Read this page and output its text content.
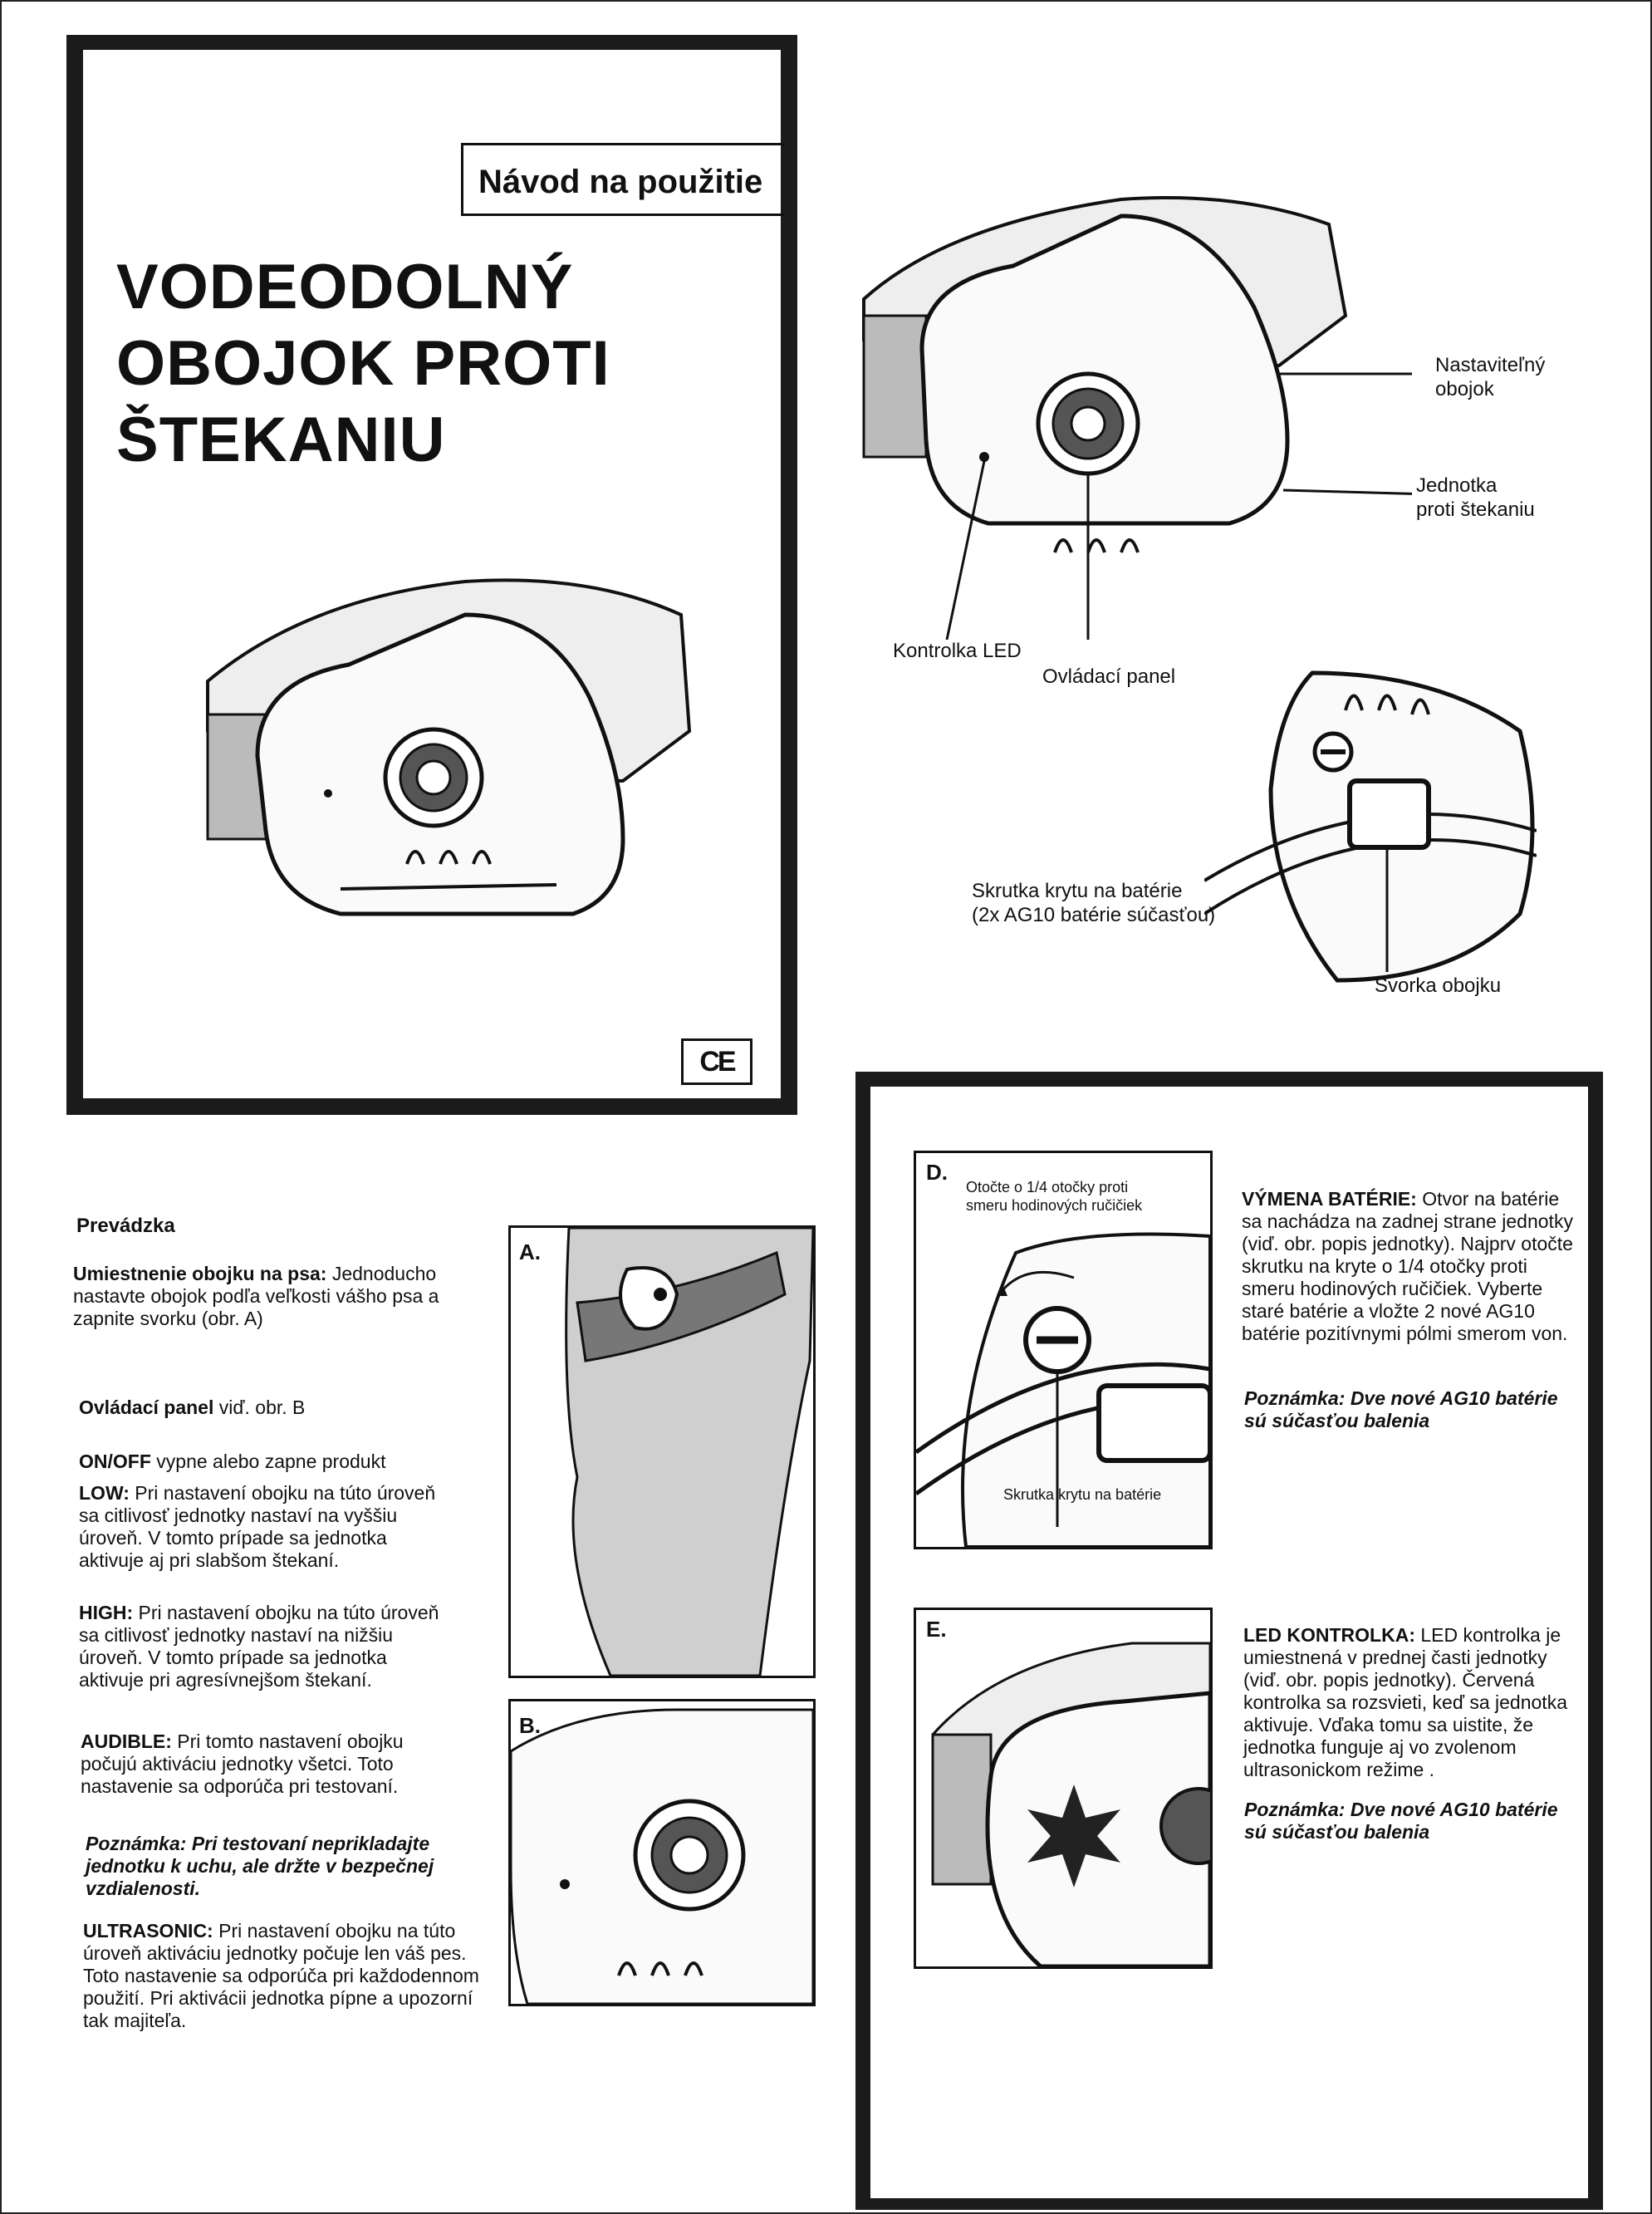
Návod na použitie
VODEODOLNÝ
OBOJOK PROTI
ŠTEKANIU
CE
Nastaviteľný
obojok
Jednotka
proti štekaniu
Kontrolka LED
Ovládací panel
Skrutka krytu na batérie
(2x AG10 batérie súčasťou)
Svorka obojku
Prevádzka
Umiestnenie obojku na psa: Jednoducho nastavte obojok podľa veľkosti vášho psa a zapnite svorku (obr. A)
Ovládací panel viď. obr. B
ON/OFF vypne alebo zapne produkt
LOW: Pri nastavení obojku na túto úroveň sa citlivosť jednotky nastaví na vyššiu úroveň. V tomto prípade sa jednotka aktivuje aj pri slabšom štekaní.
HIGH: Pri nastavení obojku na túto úroveň sa citlivosť jednotky nastaví na nižšiu úroveň. V tomto prípade sa jednotka aktivuje pri agresívnejšom štekaní.
AUDIBLE: Pri tomto nastavení obojku počujú aktiváciu jednotky všetci. Toto nastavenie sa odporúča pri testovaní.
Poznámka: Pri testovaní neprikladajte jednotku k uchu, ale držte v bezpečnej vzdialenosti.
ULTRASONIC: Pri nastavení obojku na túto úroveň aktiváciu jednotky počuje len váš pes. Toto nastavenie sa odporúča pri každodennom použití. Pri aktivácii jednotka pípne a upozorní tak majiteľa.
A.
B.
D.
Otočte o 1/4 otočky proti
smeru hodinových ručičiek
Skrutka krytu na batérie
VÝMENA BATÉRIE: Otvor na batérie sa nachádza na zadnej strane jednotky (viď. obr. popis jednotky). Najprv otočte skrutku na kryte o 1/4 otočky proti smeru hodinových ručičiek. Vyberte staré batérie a vložte 2 nové AG10 batérie pozitívnymi pólmi smerom von.
Poznámka: Dve nové AG10 batérie sú súčasťou balenia
E.	LED KONTROLKA: LED kontrolka je umiestnená v prednej časti jednotky (viď. obr. popis jednotky). Červená kontrolka sa rozsvieti, keď sa jednotka aktivuje. Vďaka tomu sa uistite, že jednotka funguje aj vo zvolenom ultrasonickom režime .
Poznámka: Dve nové AG10 batérie sú súčasťou balenia
